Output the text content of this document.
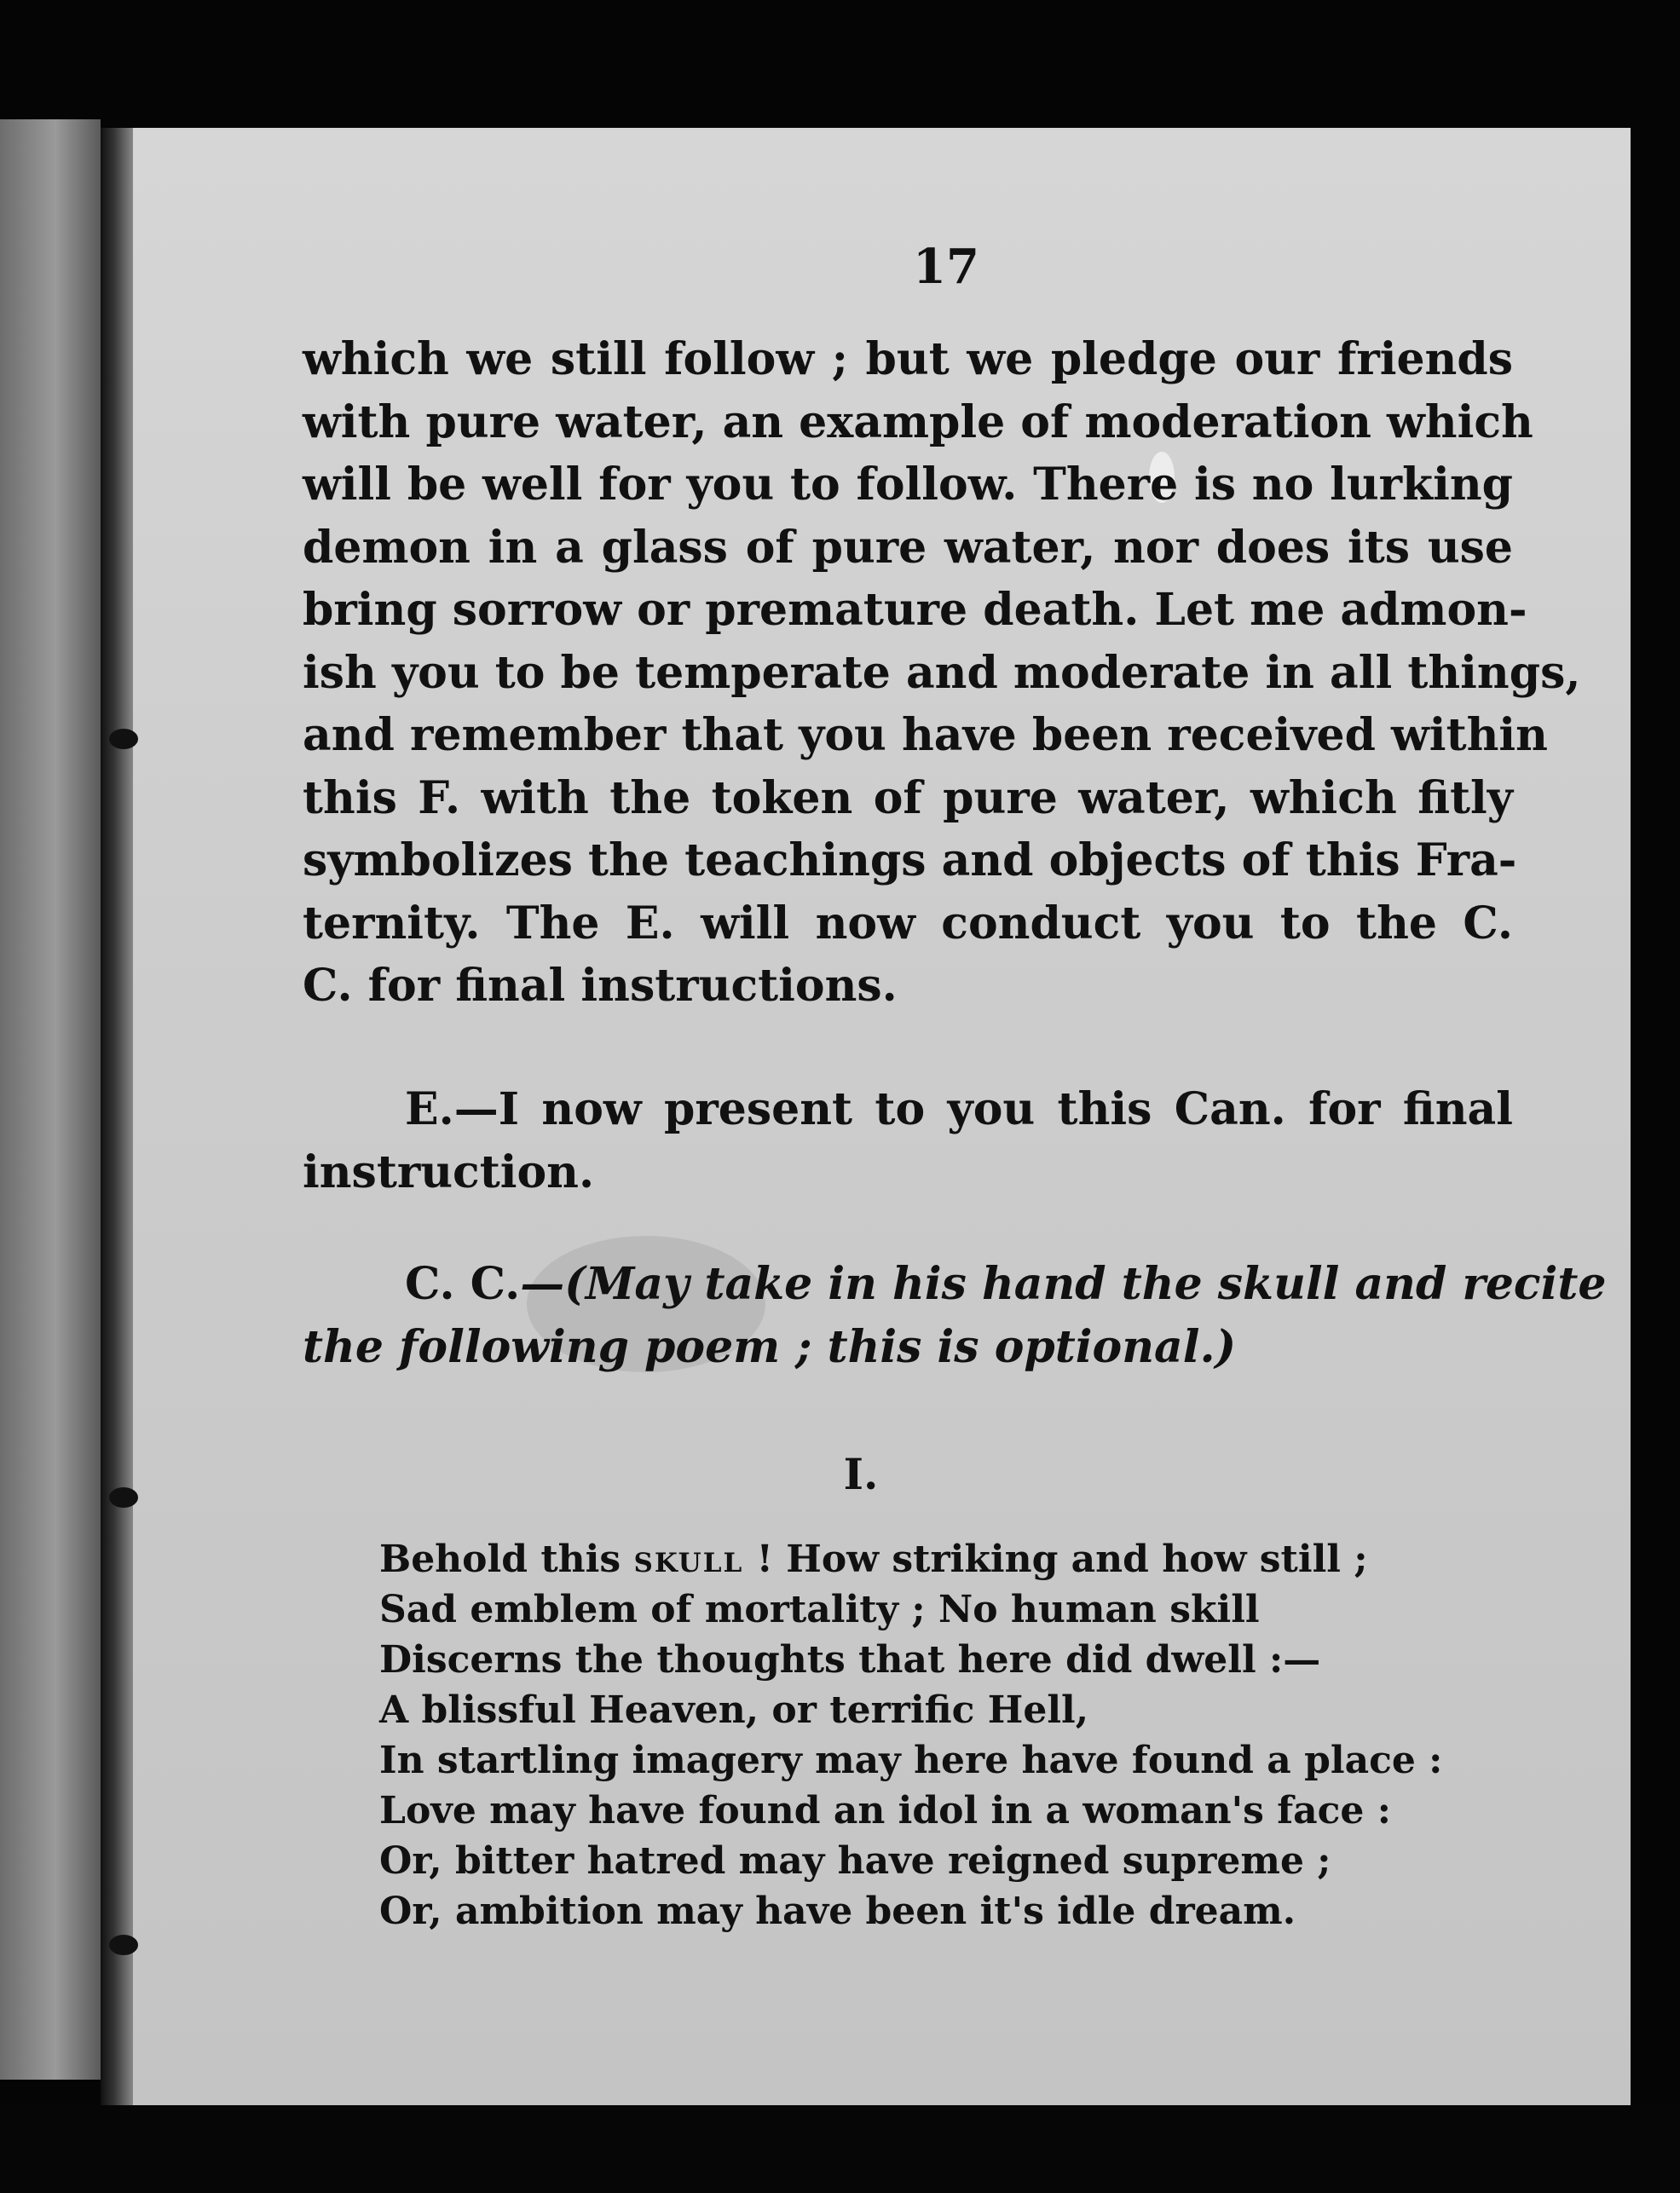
17
which we still follow ; but we pledge our friends
with pure water, an example of moderation which
will be well for you to follow. There is no lurking
demon in a glass of pure water, nor does its use
bring sorrow or premature death. Let me admon-
ish you to be temperate and moderate in all things,
and remember that you have been received within
this F. with the token of pure water, which fitly
symbolizes the teachings and objects of this Fra-
ternity. The E. will now conduct you to the C.
C. for final instructions.
E.—I now present to you this Can. for final
instruction.
C. C.—(May take in his hand the skull and recite
the following poem ; this is optional.)
I.
Behold this skull ! How striking and how still ;
Sad emblem of mortality ; No human skill
Discerns the thoughts that here did dwell :—
A blissful Heaven, or terrific Hell,
In startling imagery may here have found a place :
Love may have found an idol in a woman's face :
Or, bitter hatred may have reigned supreme ;
Or, ambition may have been it's idle dream.
